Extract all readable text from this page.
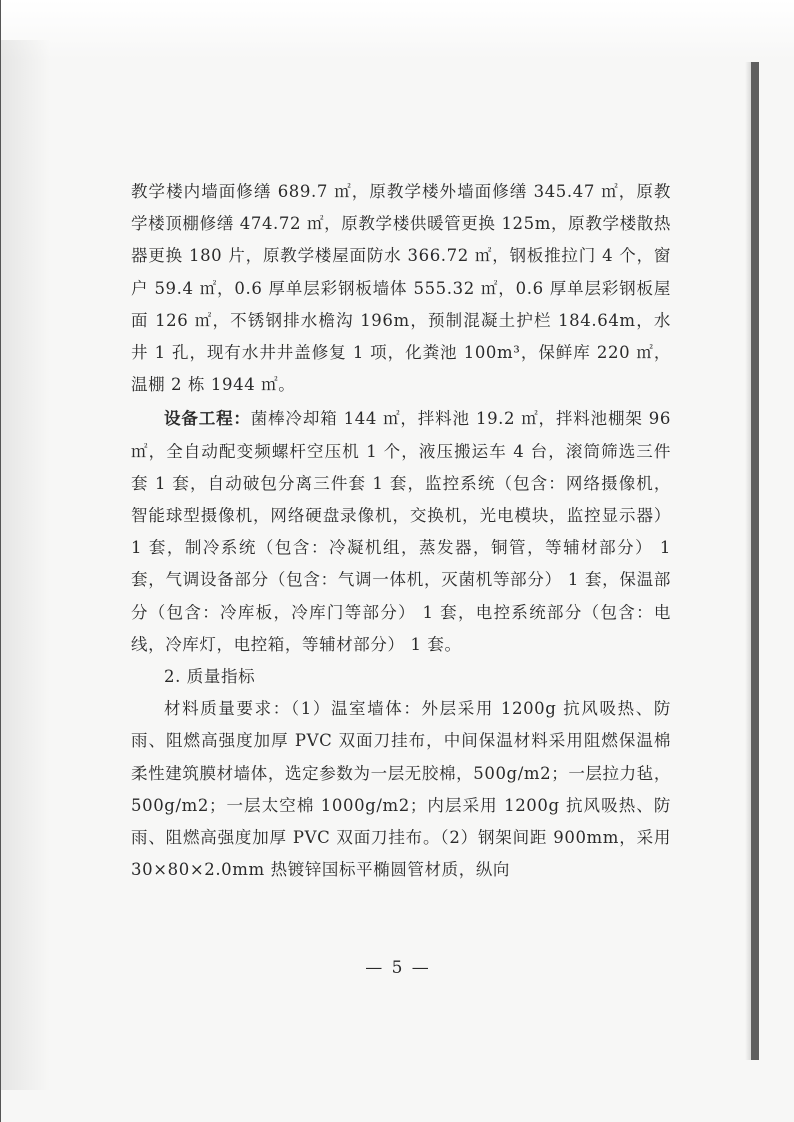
教学楼内墙面修缮 689.7 ㎡，原教学楼外墙面修缮 345.47 ㎡，原教学楼顶棚修缮 474.72 ㎡，原教学楼供暖管更换 125m，原教学楼散热器更换 180 片，原教学楼屋面防水 366.72 ㎡，钢板推拉门 4 个，窗户 59.4 ㎡，0.6 厚单层彩钢板墙体 555.32 ㎡，0.6 厚单层彩钢板屋面 126 ㎡，不锈钢排水檐沟 196m，预制混凝土护栏 184.64m，水井 1 孔，现有水井井盖修复 1 项，化粪池 100m³，保鲜库 220 ㎡，温棚 2 栋 1944 ㎡。

设备工程：菌棒冷却箱 144 ㎡，拌料池 19.2 ㎡，拌料池棚架 96 ㎡，全自动配变频螺杆空压机 1 个，液压搬运车 4 台，滚筒筛选三件套 1 套，自动破包分离三件套 1 套，监控系统（包含：网络摄像机，智能球型摄像机，网络硬盘录像机，交换机，光电模块，监控显示器） 1 套，制冷系统（包含：冷凝机组，蒸发器，铜管，等辅材部分） 1 套，气调设备部分（包含：气调一体机，灭菌机等部分） 1 套，保温部分（包含：冷库板，冷库门等部分） 1 套，电控系统部分（包含：电线，冷库灯，电控箱，等辅材部分） 1 套。

2. 质量指标

材料质量要求：（1）温室墙体：外层采用 1200g 抗风吸热、防雨、阻燃高强度加厚 PVC 双面刀挂布，中间保温材料采用阻燃保温棉柔性建筑膜材墙体，选定参数为一层无胶棉，500g/m2；一层拉力毡，500g/m2；一层太空棉 1000g/m2；内层采用 1200g 抗风吸热、防雨、阻燃高强度加厚 PVC 双面刀挂布。（2）钢架间距 900mm，采用 30×80×2.0mm 热镀锌国标平椭圆管材质，纵向

— 5 —
